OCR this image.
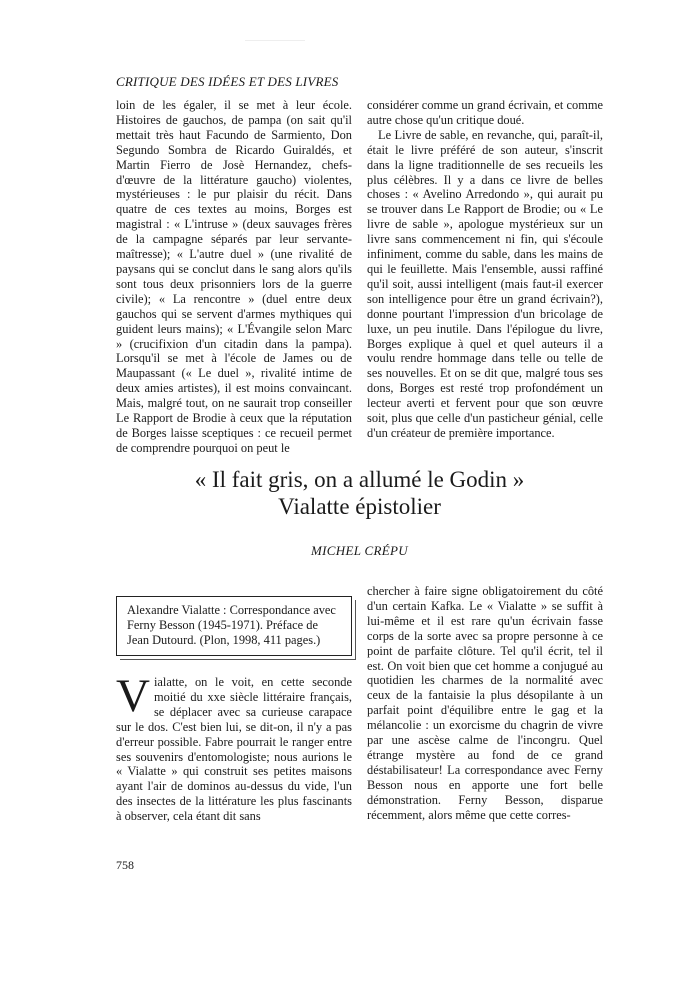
CRITIQUE DES IDÉES ET DES LIVRES

loin de les égaler, il se met à leur école. Histoires de gauchos, de pampa (on sait qu'il mettait très haut Facundo de Sarmiento, Don Segundo Sombra de Ricardo Guiraldés, et Martin Fierro de Josè Hernandez, chefs-d'œuvre de la littérature gaucho) violentes, mystérieuses : le pur plaisir du récit. Dans quatre de ces textes au moins, Borges est magistral : « L'intruse » (deux sauvages frères de la campagne séparés par leur servante-maîtresse); « L'autre duel » (une rivalité de paysans qui se conclut dans le sang alors qu'ils sont tous deux prisonniers lors de la guerre civile); « La rencontre » (duel entre deux gauchos qui se servent d'armes mythiques qui guident leurs mains); « L'Évangile selon Marc » (crucifixion d'un citadin dans la pampa). Lorsqu'il se met à l'école de James ou de Maupassant (« Le duel », rivalité intime de deux amies artistes), il est moins convaincant. Mais, malgré tout, on ne saurait trop conseiller Le Rapport de Brodie à ceux que la réputation de Borges laisse sceptiques : ce recueil permet de comprendre pourquoi on peut le

considérer comme un grand écrivain, et comme autre chose qu'un critique doué.

Le Livre de sable, en revanche, qui, paraît-il, était le livre préféré de son auteur, s'inscrit dans la ligne traditionnelle de ses recueils les plus célèbres. Il y a dans ce livre de belles choses : « Avelino Arredondo », qui aurait pu se trouver dans Le Rapport de Brodie; ou « Le livre de sable », apologue mystérieux sur un livre sans commencement ni fin, qui s'écoule infiniment, comme du sable, dans les mains de qui le feuillette. Mais l'ensemble, aussi raffiné qu'il soit, aussi intelligent (mais faut-il exercer son intelligence pour être un grand écrivain?), donne pourtant l'impression d'un bricolage de luxe, un peu inutile. Dans l'épilogue du livre, Borges explique à quel et quel auteurs il a voulu rendre hommage dans telle ou telle de ses nouvelles. Et on se dit que, malgré tous ses dons, Borges est resté trop profondément un lecteur averti et fervent pour que son œuvre soit, plus que celle d'un pasticheur génial, celle d'un créateur de première importance.

« Il fait gris, on a allumé le Godin »
Vialatte épistolier
MICHEL CRÉPU
Alexandre Vialatte : Correspondance avec Ferny Besson (1945-1971). Préface de Jean Dutourd. (Plon, 1998, 411 pages.)

Vialatte, on le voit, en cette seconde moitié du xxe siècle littéraire français, se déplacer avec sa curieuse carapace sur le dos. C'est bien lui, se dit-on, il n'y a pas d'erreur possible. Fabre pourrait le ranger entre ses souvenirs d'entomologiste; nous aurions le « Vialatte » qui construit ses petites maisons ayant l'air de dominos au-dessus du vide, l'un des insectes de la littérature les plus fascinants à observer, cela étant dit sans

chercher à faire signe obligatoirement du côté d'un certain Kafka. Le « Vialatte » se suffit à lui-même et il est rare qu'un écrivain fasse corps de la sorte avec sa propre personne à ce point de parfaite clôture. Tel qu'il écrit, tel il est. On voit bien que cet homme a conjugué au quotidien les charmes de la normalité avec ceux de la fantaisie la plus désopilante à un parfait point d'équilibre entre le gag et la mélancolie : un exorcisme du chagrin de vivre par une ascèse calme de l'incongru. Quel étrange mystère au fond de ce grand déstabilisateur! La correspondance avec Ferny Besson nous en apporte une fort belle démonstration. Ferny Besson, disparue récemment, alors même que cette corres-

758
